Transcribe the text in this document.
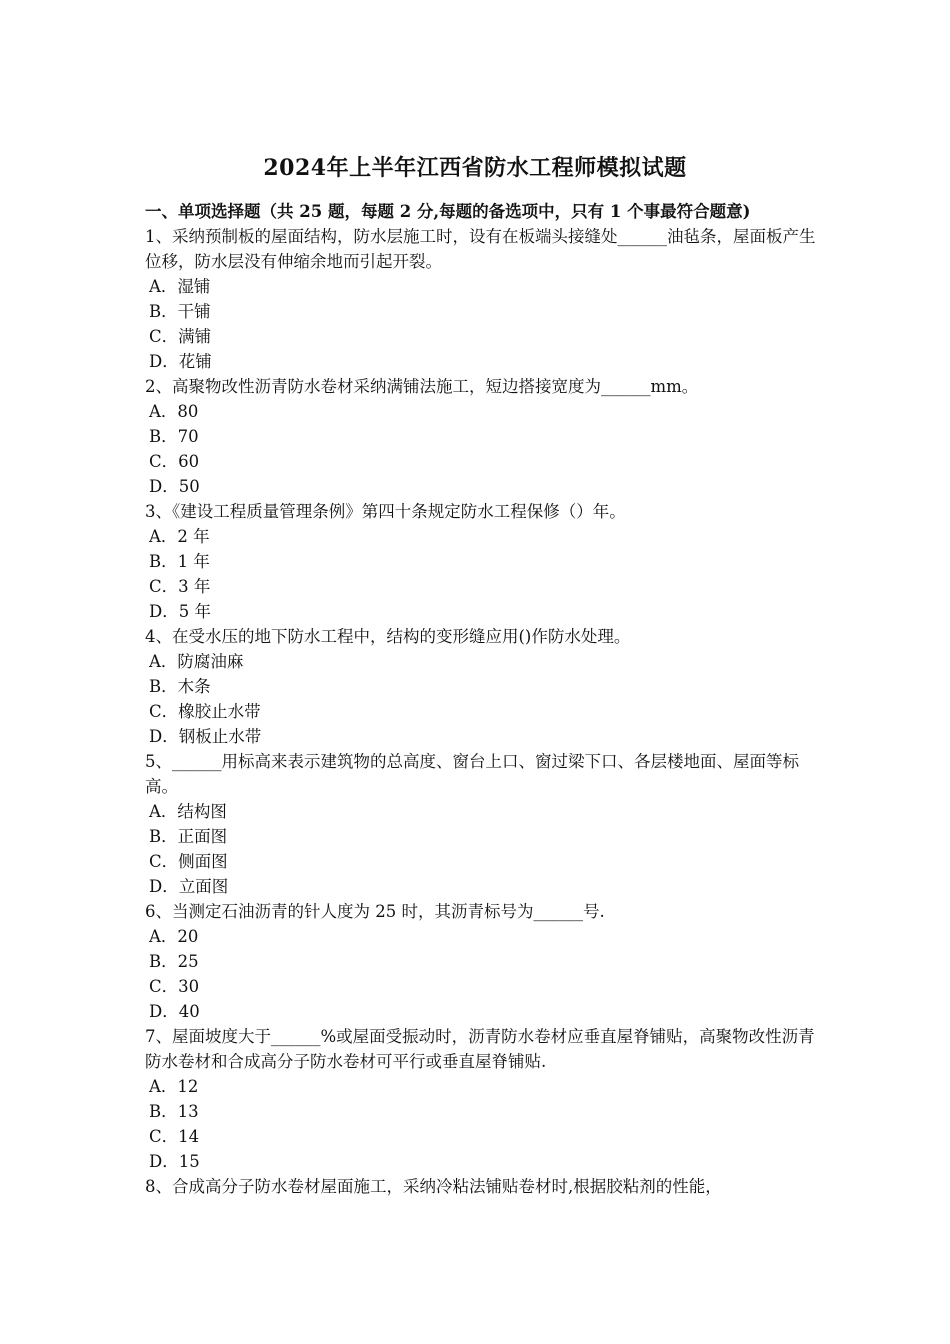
2024年上半年江西省防水工程师模拟试题

一、单项选择题（共 25 题，每题 2 分,每题的备选项中，只有 1 个事最符合题意)

1、采纳预制板的屋面结构，防水层施工时，设有在板端头接缝处______油毡条，屋面板产生位移，防水层没有伸缩余地而引起开裂。

A．湿铺

B．干铺

C．满铺

D．花铺

2、高聚物改性沥青防水卷材采纳满铺法施工，短边搭接宽度为______mm。

A．80

B．70

C．60

D．50

3、《建设工程质量管理条例》第四十条规定防水工程保修（）年。

A．2 年

B．1 年

C．3 年

D．5 年

4、在受水压的地下防水工程中，结构的变形缝应用()作防水处理。

A．防腐油麻

B．木条

C．橡胶止水带

D．钢板止水带

5、______用标高来表示建筑物的总高度、窗台上口、窗过梁下口、各层楼地面、屋面等标高。

A．结构图

B．正面图

C．侧面图

D．立面图

6、当测定石油沥青的针人度为 25 时，其沥青标号为______号.

A．20

B．25

C．30

D．40

7、屋面坡度大于______%或屋面受振动时，沥青防水卷材应垂直屋脊铺贴，高聚物改性沥青防水卷材和合成高分子防水卷材可平行或垂直屋脊铺贴.

A．12

B．13

C．14

D．15

8、合成高分子防水卷材屋面施工，采纳冷粘法铺贴卷材时,根据胶粘剂的性能，
